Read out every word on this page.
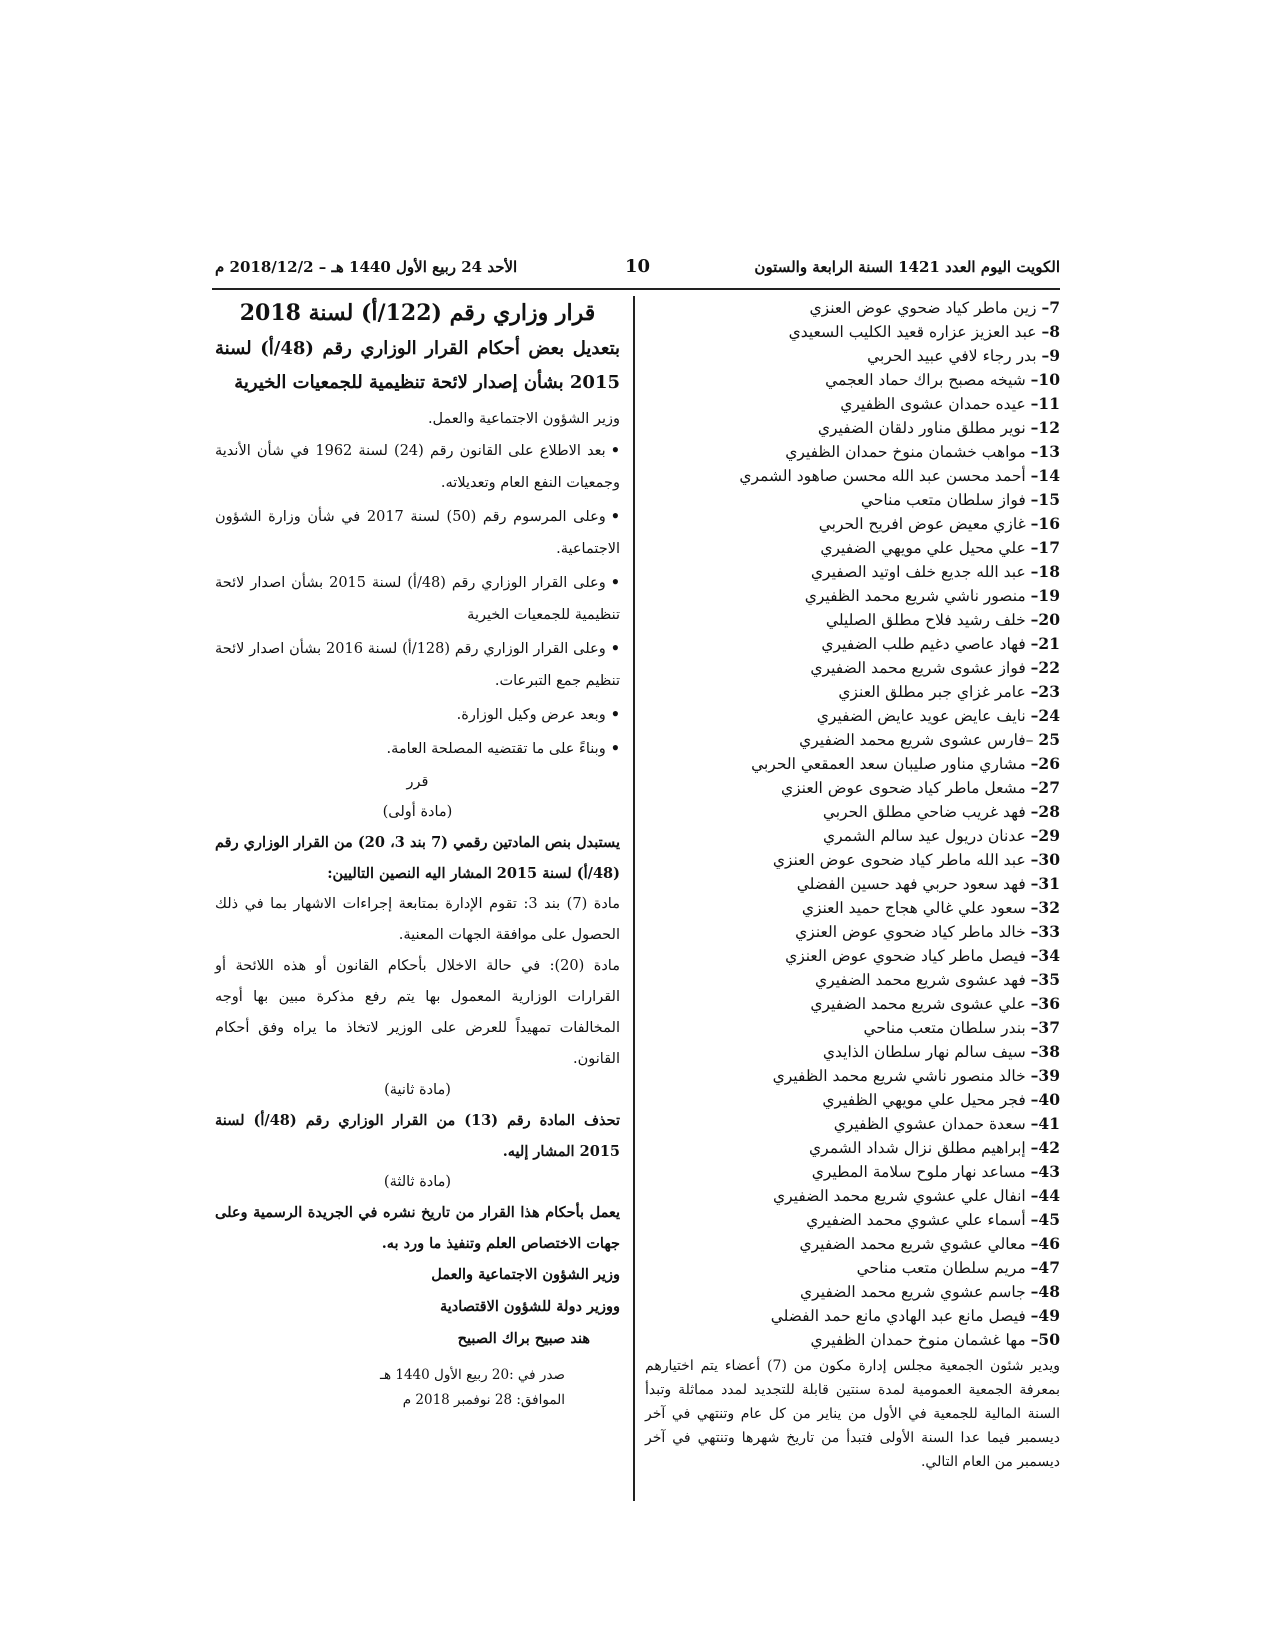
الكويت اليوم العدد 1421 السنة الرابعة والستون
10
الأحد 24 ربيع الأول 1440 هـ – 2018/12/2 م
7– زين ماطر كياد ضحوي عوض العنزي
8– عبد العزيز عزاره قعيد الكليب السعيدي
9– بدر رجاء لافي عبيد الحربي
10– شيخه مصبح براك حماد العجمي
11– عيده حمدان عشوى الظفيري
12– نوير مطلق مناور دلقان الضفيري
13– مواهب خشمان منوخ حمدان الظفيري
14– أحمد محسن عبد الله محسن صاهود الشمري
15– فواز سلطان متعب مناحي
16– غازي معيض عوض افريح الحربي
17– علي محيل علي مويهي الضفيري
18– عبد الله جديع خلف اوتيد الصفيري
19– منصور ناشي شريع محمد الظفيري
20– خلف رشيد فلاح مطلق الصليلي
21– فهاد عاصي دغيم طلب الضفيري
22– فواز عشوى شريع محمد الضفيري
23– عامر غزاي جبر مطلق العنزي
24– نايف عايض عويد عايض الضفيري
25 –فارس عشوى شريع محمد الضفيري
26– مشاري مناور صليبان سعد العمقعي الحربي
27– مشعل ماطر كياد ضحوى عوض العنزي
28– فهد غريب ضاحي مطلق الحربي
29– عدنان دريول عيد سالم الشمري
30– عبد الله ماطر كياد ضحوى عوض العنزي
31– فهد سعود حربي فهد حسين الفضلي
32– سعود علي غالي هجاج حميد العنزي
33– خالد ماطر كياد ضحوي عوض العنزي
34– فيصل ماطر كياد ضحوي عوض العنزي
35– فهد عشوى شريع محمد الضفيري
36– علي عشوى شريع محمد الضفيري
37– بندر سلطان متعب مناحي
38– سيف سالم نهار سلطان الذايدي
39– خالد منصور ناشي شريع محمد الظفيري
40– فجر محيل علي مويهي الظفيري
41– سعدة حمدان عشوي الظفيري
42– إبراهيم مطلق نزال شداد الشمري
43– مساعد نهار ملوح سلامة المطيري
44– انفال علي عشوي شريع محمد الضفيري
45– أسماء علي عشوي محمد الضفيري
46– معالي عشوي شريع محمد الضفيري
47– مريم سلطان متعب مناحي
48– جاسم عشوي شريع محمد الضفيري
49– فيصل مانع عبد الهادي مانع حمد الفضلي
50– مها غشمان منوخ حمدان الظفيري

ويدير شئون الجمعية مجلس إدارة مكون من (7) أعضاء يتم اختيارهم بمعرفة الجمعية العمومية لمدة سنتين قابلة للتجديد لمدد مماثلة وتبدأ السنة المالية للجمعية في الأول من يناير من كل عام وتنتهي في آخر ديسمبر فيما عدا السنة الأولى فتبدأ من تاريخ شهرها وتنتهي في آخر ديسمبر من العام التالي.

قرار وزاري رقم (122/أ) لسنة 2018

بتعديل بعض أحكام القرار الوزاري رقم (48/أ) لسنة 2015 بشأن إصدار لائحة تنظيمية للجمعيات الخيرية

وزير الشؤون الاجتماعية والعمل.

•بعد الاطلاع على القانون رقم (24) لسنة 1962 في شأن الأندية وجمعيات النفع العام وتعديلاته.
•وعلى المرسوم رقم (50) لسنة 2017 في شأن وزارة الشؤون الاجتماعية.
•وعلى القرار الوزاري رقم (48/أ) لسنة 2015 بشأن اصدار لائحة تنظيمية للجمعيات الخيرية
•وعلى القرار الوزاري رقم (128/أ) لسنة 2016 بشأن اصدار لائحة تنظيم جمع التبرعات.
•وبعد عرض وكيل الوزارة.
•وبناءً على ما تقتضيه المصلحة العامة.

قرر

(مادة أولى)

يستبدل بنص المادتين رقمي (7 بند 3، 20) من القرار الوزاري رقم (48/أ) لسنة 2015 المشار اليه النصين التاليين:

مادة (7) بند 3: تقوم الإدارة بمتابعة إجراءات الاشهار بما في ذلك الحصول على موافقة الجهات المعنية.

مادة (20): في حالة الاخلال بأحكام القانون أو هذه اللائحة أو القرارات الوزارية المعمول بها يتم رفع مذكرة مبين بها أوجه المخالفات تمهيداً للعرض على الوزير لاتخاذ ما يراه وفق أحكام القانون.

(مادة ثانية)

تحذف المادة رقم (13) من القرار الوزاري رقم (48/أ) لسنة 2015 المشار إليه.

(مادة ثالثة)

يعمل بأحكام هذا القرار من تاريخ نشره في الجريدة الرسمية وعلى جهات الاختصاص العلم وتنفيذ ما ورد به.

وزير الشؤون الاجتماعية والعمل

ووزير دولة للشؤون الاقتصادية

هند صبيح براك الصبيح

صدر في :20 ربيع الأول 1440 هـ
الموافق: 28 نوفمبر 2018 م
